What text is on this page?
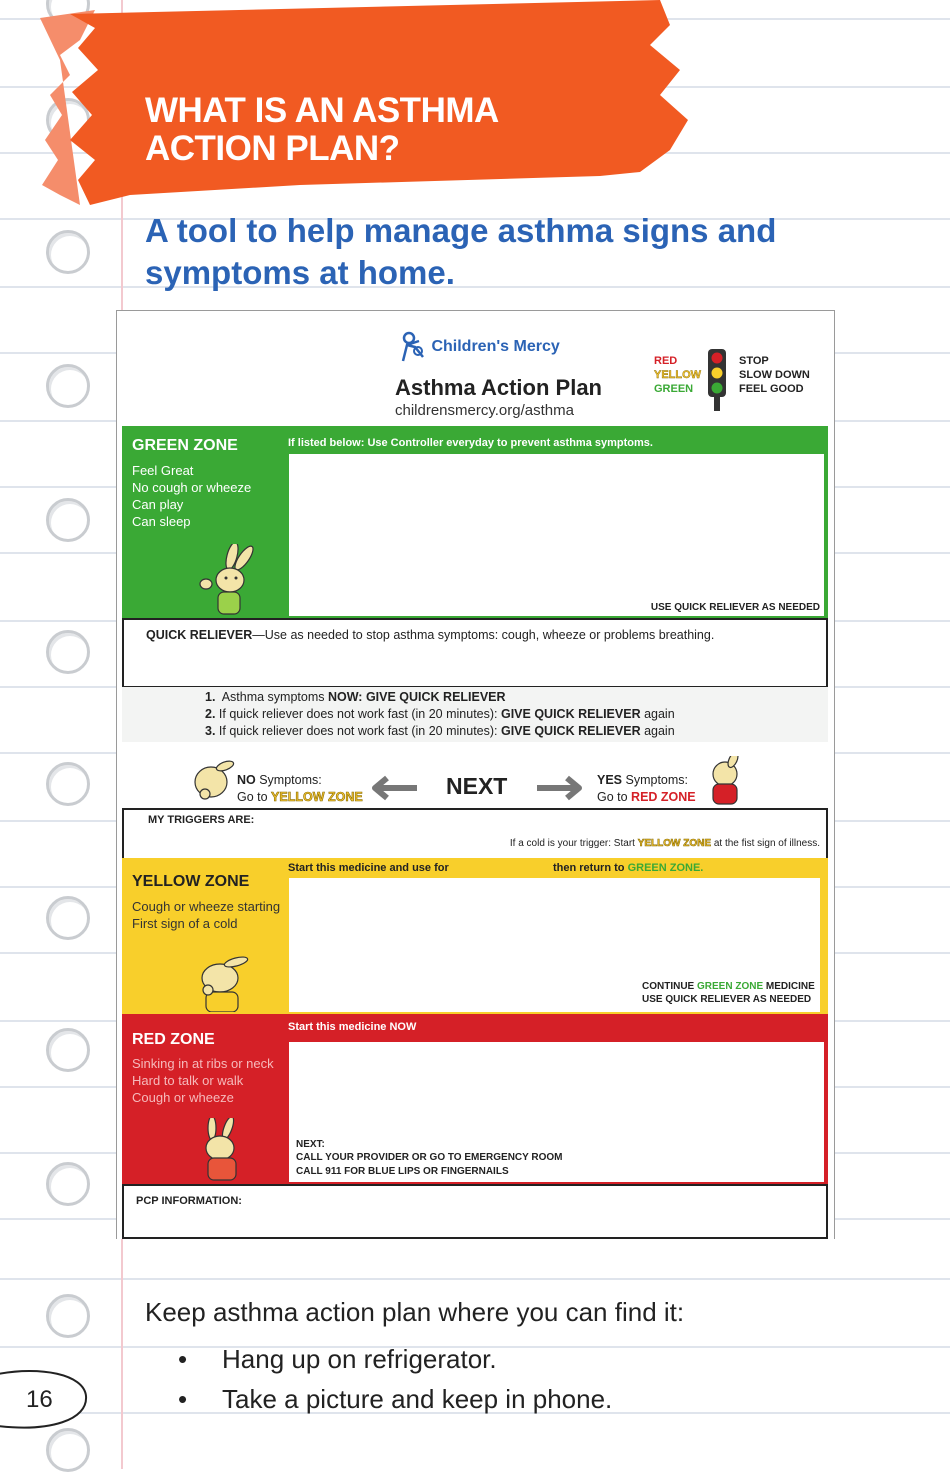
WHAT IS AN ASTHMA
ACTION PLAN?
A tool to help manage asthma signs and symptoms at home.
Children's Mercy
Asthma Action Plan
childrensmercy.org/asthma
RED
YELLOW
GREEN
STOP
SLOW DOWN
FEEL GOOD
GREEN ZONE
Feel Great
No cough or wheeze
Can play
Can sleep
If listed below: Use Controller everyday to prevent asthma symptoms.
USE QUICK RELIEVER AS NEEDED
QUICK RELIEVER—Use as needed to stop asthma symptoms: cough, wheeze or problems breathing.
1. Asthma symptoms NOW: GIVE QUICK RELIEVER
2. If quick reliever does not work fast (in 20 minutes): GIVE QUICK RELIEVER again
3. If quick reliever does not work fast (in 20 minutes): GIVE QUICK RELIEVER again
NO Symptoms:
Go to YELLOW ZONE	NEXT	YES Symptoms:
Go to RED ZONE
MY TRIGGERS ARE:
If a cold is your trigger: Start YELLOW ZONE at the fist sign of illness.
YELLOW ZONE
Cough or wheeze starting
First sign of a cold
Start this medicine and use for	then return to GREEN ZONE.
CONTINUE GREEN ZONE MEDICINE
USE QUICK RELIEVER AS NEEDED
RED ZONE
Sinking in at ribs or neck
Hard to talk or walk
Cough or wheeze
Start this medicine NOW
NEXT:
CALL YOUR PROVIDER OR GO TO EMERGENCY ROOM
CALL 911 FOR BLUE LIPS OR FINGERNAILS
PCP INFORMATION:
Keep asthma action plan where you can find it:
• Hang up on refrigerator.
• Take a picture and keep in phone.
16
